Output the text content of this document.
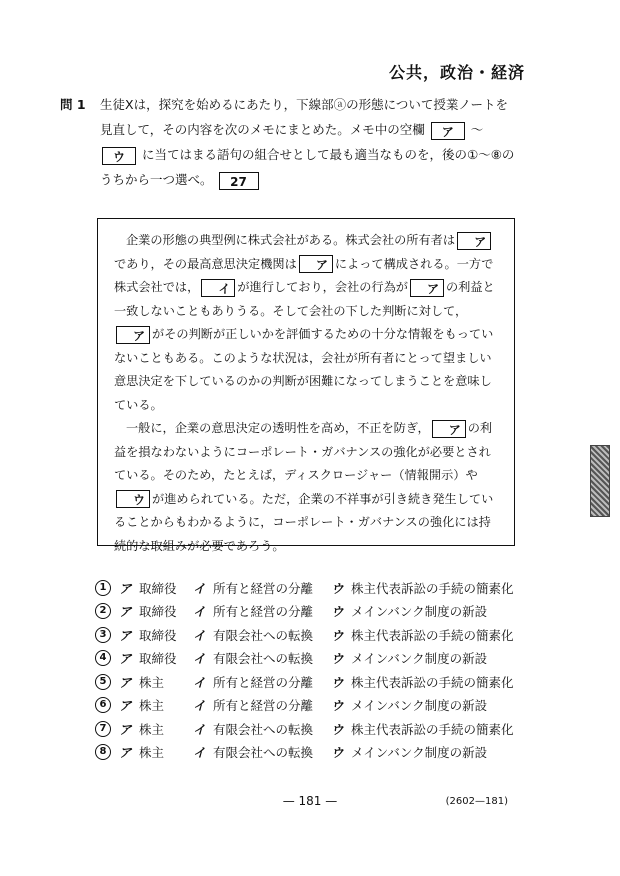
公共，政治・経済
問 1 生徒Xは，探究を始めるにあたり，下線部ⓐの形態について授業ノートを見直して，その内容を次のメモにまとめた。メモ中の空欄 ア 〜 ウ に当てはまる語句の組合せとして最も適当なものを，後の①〜⑧のうちから一つ選べ。 27

企業の形態の典型例に株式会社がある。株式会社の所有者は アであり，その最高意思決定機関は ア によって構成される。一方で株式会社では， イ が進行しており，会社の行為が ア の利益と一致しないこともありうる。そして会社の下した判断に対して，ア がその判断が正しいかを評価するための十分な情報をもっていないこともある。このような状況は，会社が所有者にとって望ましい意思決定を下しているのかの判断が困難になってしまうことを意味している。

一般に，企業の意思決定の透明性を高め，不正を防ぎ， ア の利益を損なわないようにコーポレート・ガバナンスの強化が必要とされている。そのため，たとえば，ディスクロージャー（情報開示）やウ が進められている。ただ，企業の不祥事が引き続き発生していることからもわかるように，コーポレート・ガバナンスの強化には持続的な取組みが必要であろう。

1	ア 取締役	イ 所有と経営の分離	ウ 株主代表訴訟の手続の簡素化
2	ア 取締役	イ 所有と経営の分離	ウ メインバンク制度の新設
3	ア 取締役	イ 有限会社への転換	ウ 株主代表訴訟の手続の簡素化
4	ア 取締役	イ 有限会社への転換	ウ メインバンク制度の新設
5	ア 株主	イ 所有と経営の分離	ウ 株主代表訴訟の手続の簡素化
6	ア 株主	イ 所有と経営の分離	ウ メインバンク制度の新設
7	ア 株主	イ 有限会社への転換	ウ 株主代表訴訟の手続の簡素化
8	ア 株主	イ 有限会社への転換	ウ メインバンク制度の新設
— 181 —	(2602—181)
